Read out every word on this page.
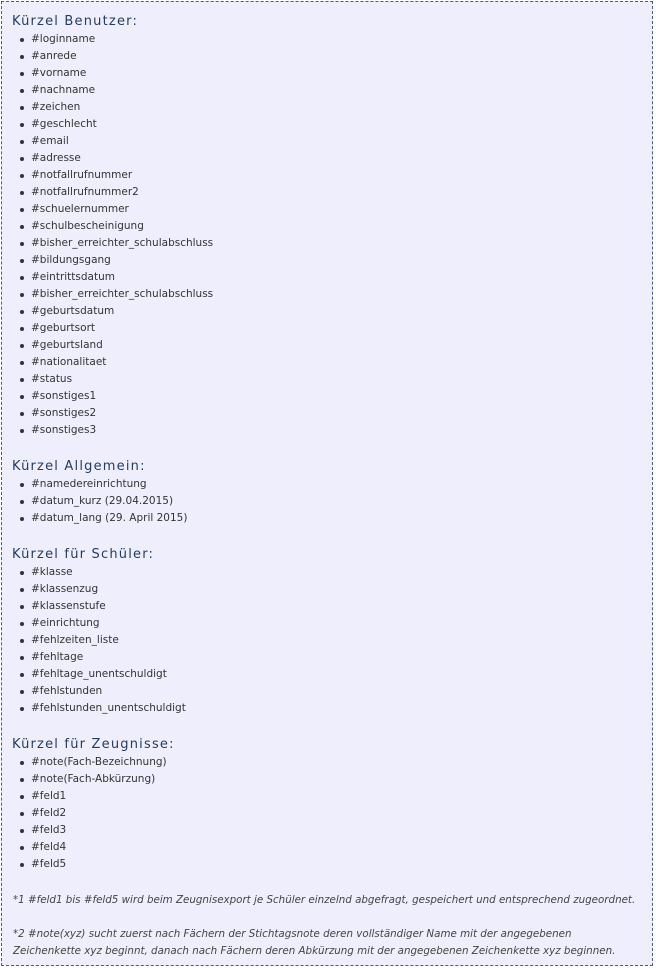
Kürzel Benutzer:
#loginname
#anrede
#vorname
#nachname
#zeichen
#geschlecht
#email
#adresse
#notfallrufnummer
#notfallrufnummer2
#schuelernummer
#schulbescheinigung
#bisher_erreichter_schulabschluss
#bildungsgang
#eintrittsdatum
#bisher_erreichter_schulabschluss
#geburtsdatum
#geburtsort
#geburtsland
#nationalitaet
#status
#sonstiges1
#sonstiges2
#sonstiges3
Kürzel Allgemein:
#namedereinrichtung
#datum_kurz (29.04.2015)
#datum_lang (29. April 2015)
Kürzel für Schüler:
#klasse
#klassenzug
#klassenstufe
#einrichtung
#fehlzeiten_liste
#fehltage
#fehltage_unentschuldigt
#fehlstunden
#fehlstunden_unentschuldigt
Kürzel für Zeugnisse:
#note(Fach-Bezeichnung)
#note(Fach-Abkürzung)
#feld1
#feld2
#feld3
#feld4
#feld5

*1 #feld1 bis #feld5 wird beim Zeugnisexport je Schüler einzelnd abgefragt, gespeichert und entsprechend zugeordnet.

*2 #note(xyz) sucht zuerst nach Fächern der Stichtagsnote deren vollständiger Name mit der angegebenen Zeichenkette xyz beginnt, danach nach Fächern deren Abkürzung mit der angegebenen Zeichenkette xyz beginnen.
